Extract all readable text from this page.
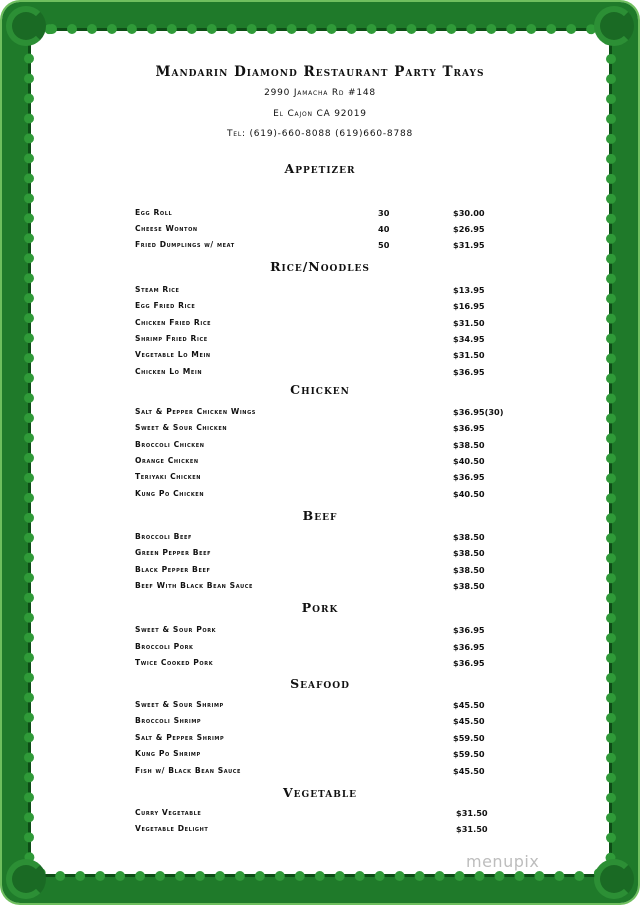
Mandarin Diamond Restaurant Party Trays
2990 Jamacha Rd #148
El Cajon CA 92019
Tel: (619)-660-8088 (619)660-8788
Appetizer
Egg Roll	30	$30.00
Cheese Wonton	40	$26.95
Fried Dumplings w/ meat	50	$31.95
Rice/Noodles
Steam Rice	$13.95
Egg Fried Rice	$16.95
Chicken Fried Rice	$31.50
Shrimp Fried Rice	$34.95
Vegetable Lo Mein	$31.50
Chicken Lo Mein	$36.95
Chicken
Salt & Pepper Chicken Wings	$36.95(30)
Sweet & Sour Chicken	$36.95
Broccoli Chicken	$38.50
Orange Chicken	$40.50
Teriyaki Chicken	$36.95
Kung Po Chicken	$40.50
Beef
Broccoli Beef	$38.50
Green Pepper Beef	$38.50
Black Pepper Beef	$38.50
Beef With Black Bean Sauce	$38.50
Pork
Sweet & Sour Pork	$36.95
Broccoli Pork	$36.95
Twice Cooked Pork	$36.95
Seafood
Sweet & Sour Shrimp	$45.50
Broccoli Shrimp	$45.50
Salt & Pepper Shrimp	$59.50
Kung Po Shrimp	$59.50
Fish w/ Black Bean Sauce	$45.50
Vegetable
Curry Vegetable	$31.50
Vegetable Delight	$31.50
menupix
